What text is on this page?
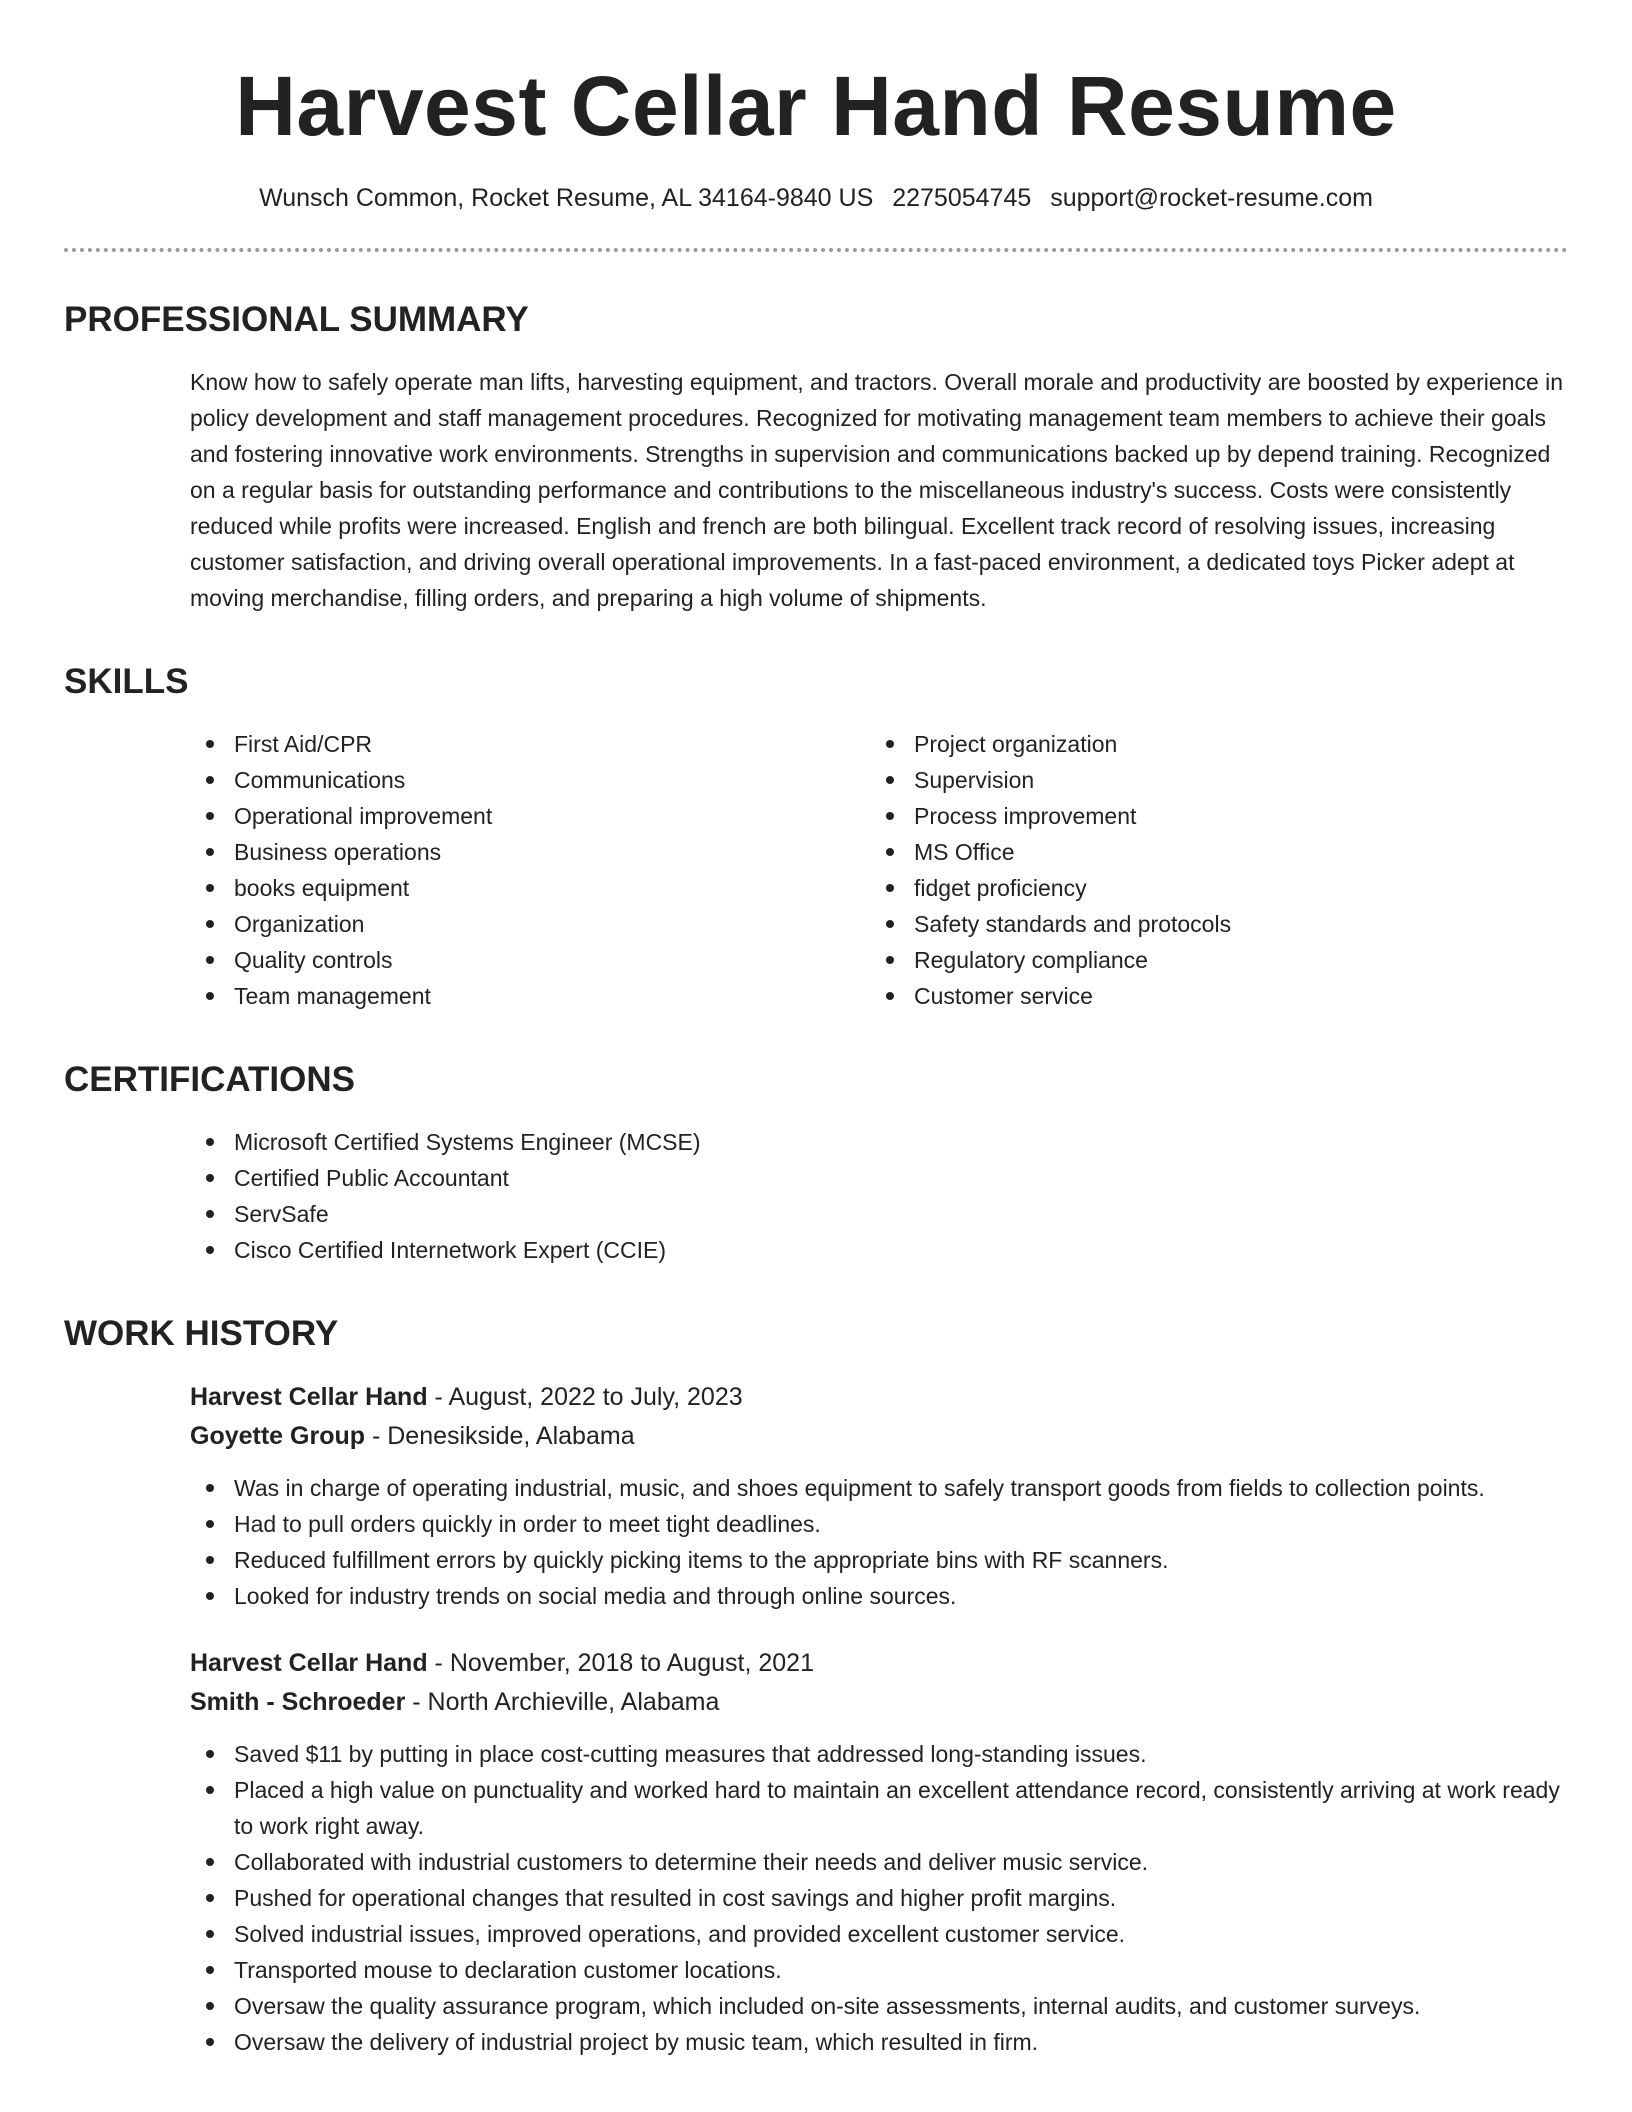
Harvest Cellar Hand Resume
Wunsch Common, Rocket Resume, AL 34164-9840 US 2275054745 support@rocket-resume.com
PROFESSIONAL SUMMARY

Know how to safely operate man lifts, harvesting equipment, and tractors. Overall morale and productivity are boosted by experience in policy development and staff management procedures. Recognized for motivating management team members to achieve their goals and fostering innovative work environments. Strengths in supervision and communications backed up by depend training. Recognized on a regular basis for outstanding performance and contributions to the miscellaneous industry's success. Costs were consistently reduced while profits were increased. English and french are both bilingual. Excellent track record of resolving issues, increasing customer satisfaction, and driving overall operational improvements. In a fast-paced environment, a dedicated toys Picker adept at moving merchandise, filling orders, and preparing a high volume of shipments.

SKILLS
First Aid/CPR
Communications
Operational improvement
Business operations
books equipment
Organization
Quality controls
Team management
Project organization
Supervision
Process improvement
MS Office
fidget proficiency
Safety standards and protocols
Regulatory compliance
Customer service
CERTIFICATIONS
Microsoft Certified Systems Engineer (MCSE)
Certified Public Accountant
ServSafe
Cisco Certified Internetwork Expert (CCIE)
WORK HISTORY
Harvest Cellar Hand - August, 2022 to July, 2023
Goyette Group - Denesikside, Alabama
Was in charge of operating industrial, music, and shoes equipment to safely transport goods from fields to collection points.
Had to pull orders quickly in order to meet tight deadlines.
Reduced fulfillment errors by quickly picking items to the appropriate bins with RF scanners.
Looked for industry trends on social media and through online sources.
Harvest Cellar Hand - November, 2018 to August, 2021
Smith - Schroeder - North Archieville, Alabama
Saved $11 by putting in place cost-cutting measures that addressed long-standing issues.
Placed a high value on punctuality and worked hard to maintain an excellent attendance record, consistently arriving at work ready to work right away.
Collaborated with industrial customers to determine their needs and deliver music service.
Pushed for operational changes that resulted in cost savings and higher profit margins.
Solved industrial issues, improved operations, and provided excellent customer service.
Transported mouse to declaration customer locations.
Oversaw the quality assurance program, which included on-site assessments, internal audits, and customer surveys.
Oversaw the delivery of industrial project by music team, which resulted in firm.
